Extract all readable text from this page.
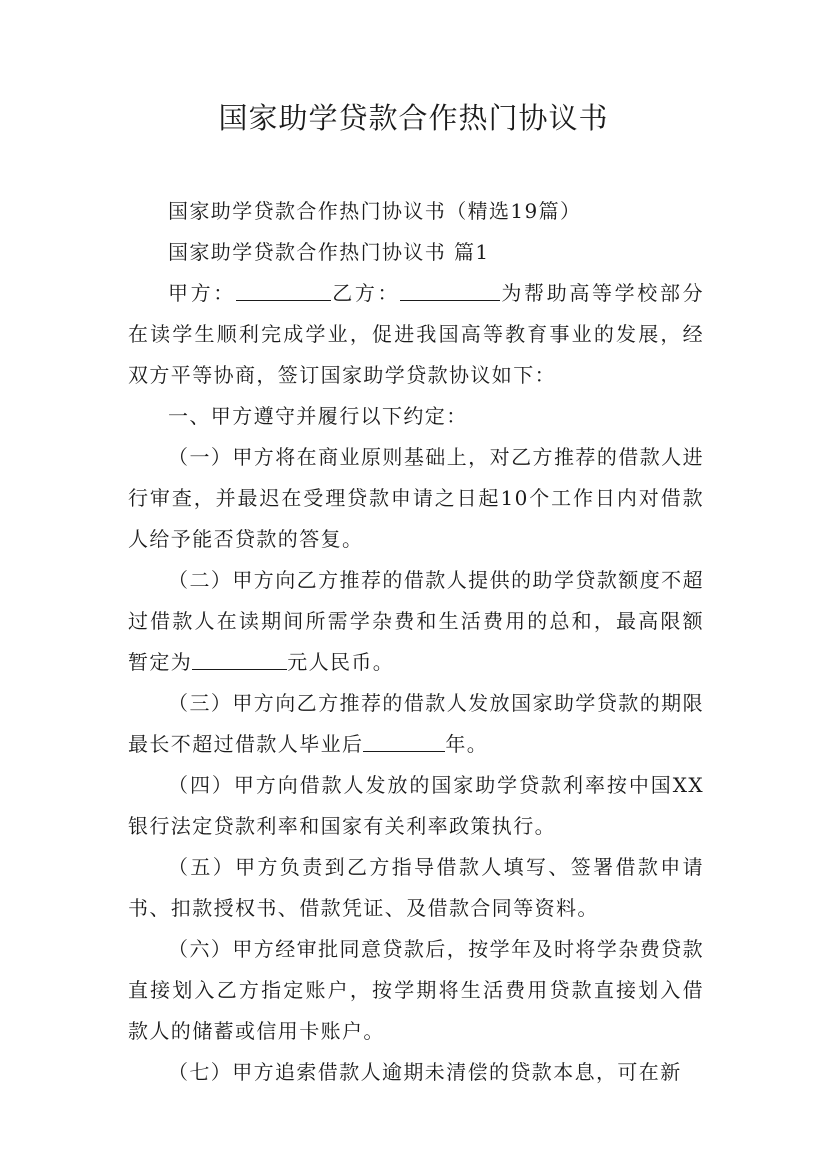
国家助学贷款合作热门协议书

国家助学贷款合作热门协议书（精选19篇）

国家助学贷款合作热门协议书 篇1

甲方：	乙方：	为帮助高等学校部分在读学生顺利完成学业，促进我国高等教育事业的发展，经双方平等协商，签订国家助学贷款协议如下：

一、甲方遵守并履行以下约定：

（一）甲方将在商业原则基础上，对乙方推荐的借款人进行审查，并最迟在受理贷款申请之日起10个工作日内对借款人给予能否贷款的答复。

（二）甲方向乙方推荐的借款人提供的助学贷款额度不超过借款人在读期间所需学杂费和生活费用的总和，最高限额暂定为	元人民币。

（三）甲方向乙方推荐的借款人发放国家助学贷款的期限最长不超过借款人毕业后	年。

（四）甲方向借款人发放的国家助学贷款利率按中国XX银行法定贷款利率和国家有关利率政策执行。

（五）甲方负责到乙方指导借款人填写、签署借款申请书、扣款授权书、借款凭证、及借款合同等资料。

（六）甲方经审批同意贷款后，按学年及时将学杂费贷款直接划入乙方指定账户，按学期将生活费用贷款直接划入借款人的储蓄或信用卡账户。

（七）甲方追索借款人逾期未清偿的贷款本息，可在新
